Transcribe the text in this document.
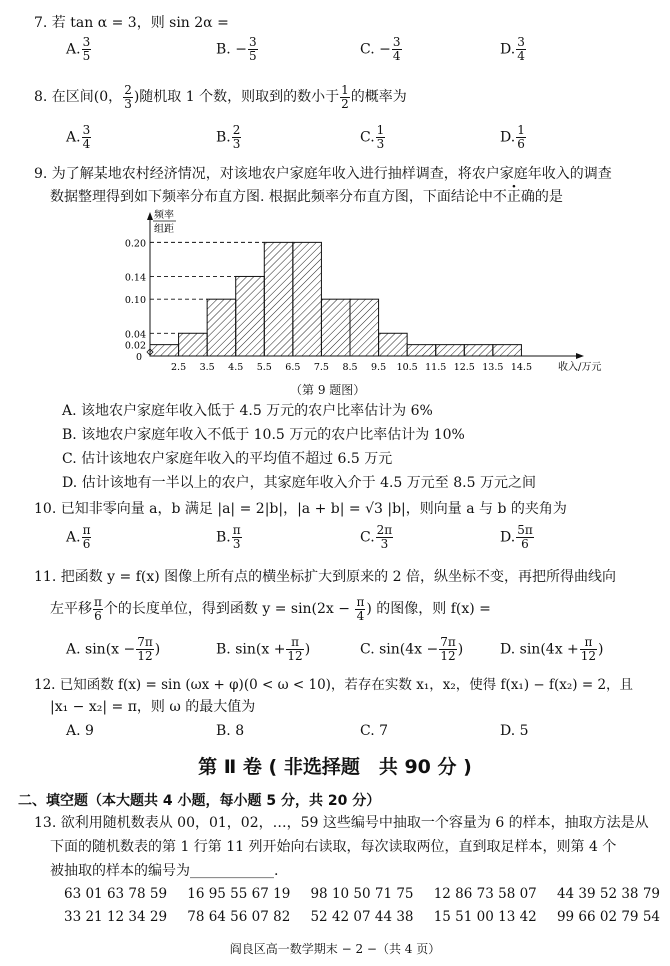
7. 若 tan α = 3，则 sin 2α =
A. $\frac{3}{5}$	B. − $\frac{3}{5}$	C. − $\frac{3}{4}$	D. $\frac{3}{4}$
8. 在区间(0， $\frac{2}{3}$ )随机取 1 个数，则取到的数小于 $\frac{1}{2}$ 的概率为
A. $\frac{3}{4}$	B. $\frac{2}{3}$	C. $\frac{1}{3}$	D. $\frac{1}{6}$
9. 为了解某地农村经济情况，对该地农户家庭年收入进行抽样调查，将农户家庭年收入的调查
数据整理得到如下频率分布直方图. 根据此频率分布直方图，下面结论中不正确的是
0.02
0.04
0.10
0.14
0.20
0
2.5 3.5 4.5 5.5 6.5 7.5 8.5 9.5 10.5 11.5 12.5 13.5 14.5	收入/万元
频率
组距
（第 9 题图）
A. 该地农户家庭年收入低于 4.5 万元的农户比率估计为 6%
B. 该地农户家庭年收入不低于 10.5 万元的农户比率估计为 10%
C. 估计该地农户家庭年收入的平均值不超过 6.5 万元
D. 估计该地有一半以上的农户，其家庭年收入介于 4.5 万元至 8.5 万元之间
10. 已知非零向量 a，b 满足 |a| = 2|b|，|a + b| = √3 |b|，则向量 a 与 b 的夹角为
A. $\frac{\pi}{6}$	B. $\frac{\pi}{3}$	C. $\frac{2\pi}{3}$	D. $\frac{5\pi}{6}$
11. 把函数 y = f(x) 图像上所有点的横坐标扩大到原来的 2 倍，纵坐标不变，再把所得曲线向
左平移 $\frac{\pi}{6}$ 个的长度单位，得到函数 $y = \sin(2x - \frac{\pi}{4}$ ) 的图像，则 f(x) =
A. $\sin(x - \frac{7\pi}{12}$ )	B. $\sin(x + \frac{\pi}{12}$ )	C. $\sin(4x - \frac{7\pi}{12}$ )	D. $\sin(4x + \frac{\pi}{12}$ )
12. 已知函数 f(x) = sin (ωx + φ)(0 < ω < 10)，若存在实数 x₁，x₂，使得 f(x₁) − f(x₂) = 2，且
|x₁ − x₂| = π，则 ω 的最大值为
A. 9	B. 8	C. 7	D. 5
第 Ⅱ 卷 ( 非选择题　共 90 分 )
二、填空题（本大题共 4 小题，每小题 5 分，共 20 分）
13. 欲利用随机数表从 00，01，02，…，59 这些编号中抽取一个容量为 6 的样本，抽取方法是从
下面的随机数表的第 1 行第 11 列开始向右读取，每次读取两位，直到取足样本，则第 4 个
被抽取的样本的编号为____________.
63 01 63 78 59 16 95 55 67 19 98 10 50 71 75 12 86 73 58 07 44 39 52 38 79
33 21 12 34 29 78 64 56 07 82 52 42 07 44 38 15 51 00 13 42 99 66 02 79 54
阎良区高一数学期末 − 2 −（共 4 页）
